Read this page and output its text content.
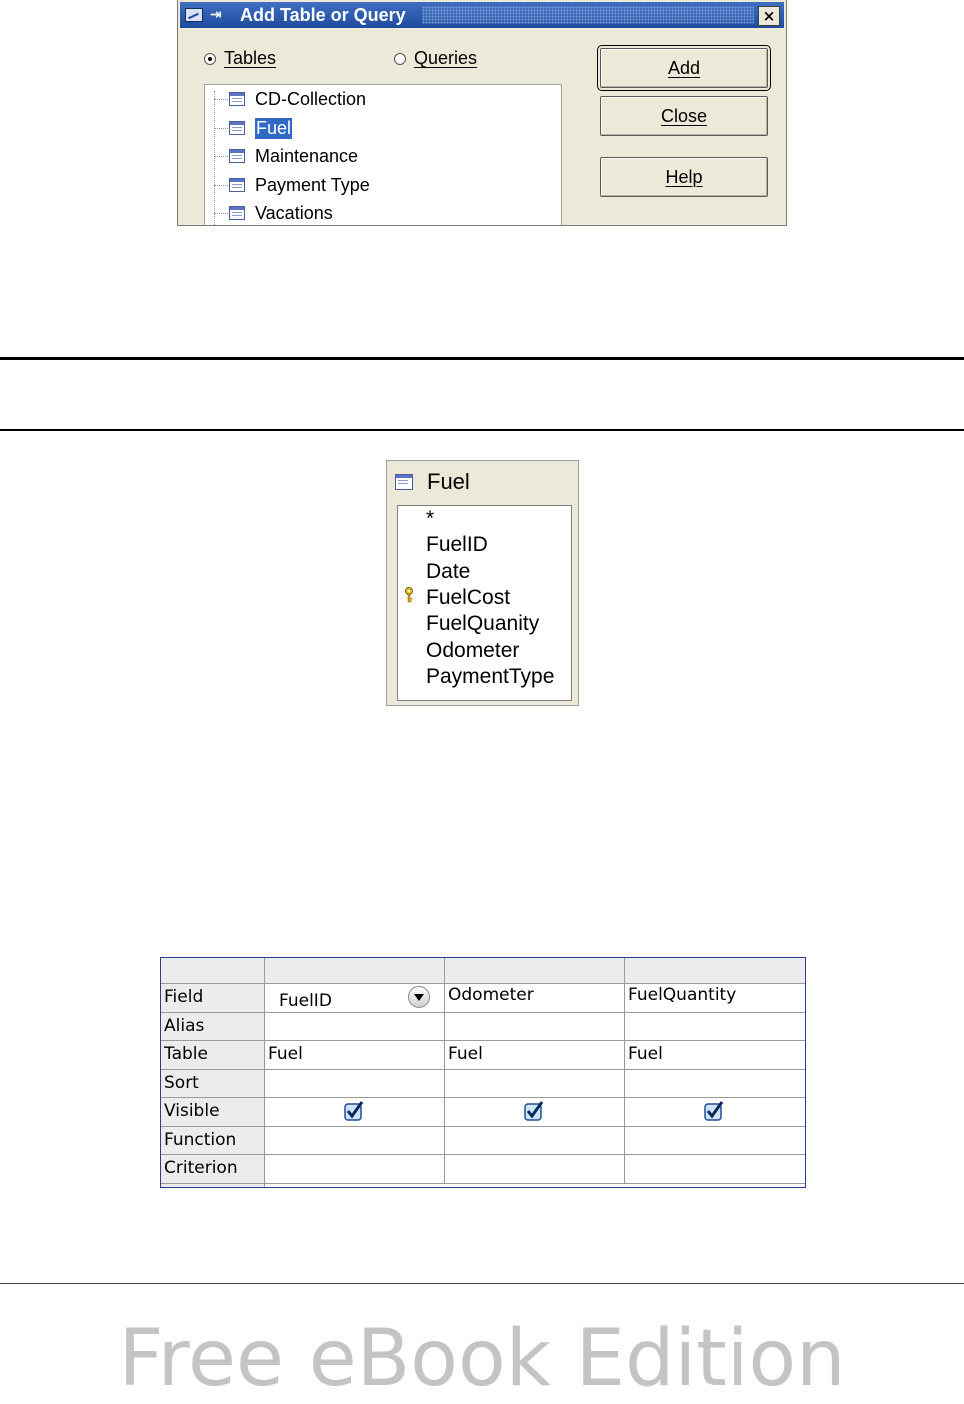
⇥ Add Table or Query	×
Tables	Queries
CD-Collection
Fuel
Maintenance
Payment Type
Vacations
Add
Close
Help
Fuel
*
FuelID
Date
FuelCost
FuelQuanity
Odometer
PaymentType
Field
Alias
Table
Sort
Visible
Function
Criterion
FuelID	Odometer	FuelQuantity
Fuel	Fuel	Fuel
Free eBook Edition
